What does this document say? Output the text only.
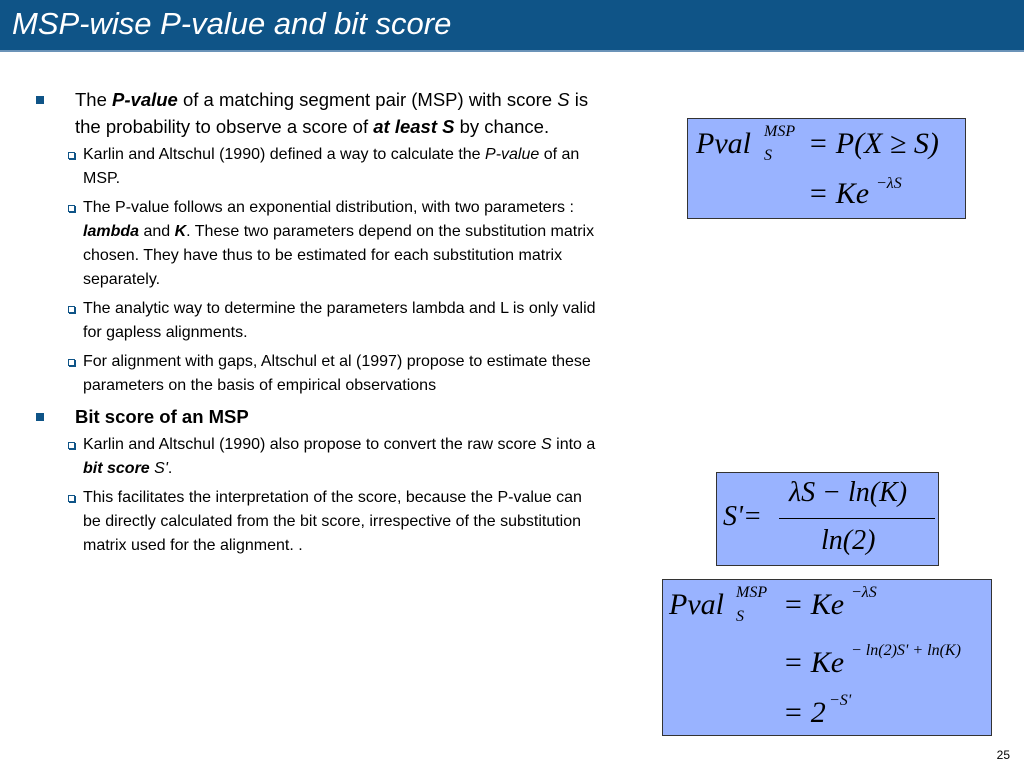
MSP-wise P-value and bit score
The P-value of a matching segment pair (MSP) with score S is the probability to observe a score of at least S by chance.
Karlin and Altschul (1990) defined a way to calculate the P-value of an MSP.
The P-value follows an exponential distribution, with two parameters : lambda and K. These two parameters depend on the substitution matrix chosen. They have thus to be estimated for each substitution matrix separately.
The analytic way to determine the parameters lambda and L is only valid for gapless alignments.
For alignment with gaps, Altschul et al (1997) propose to estimate these parameters on the basis of empirical observations
Bit score of an MSP
Karlin and Altschul (1990) also propose to convert the raw score S into a bit score S'.
This facilitates the interpretation of the score, because the P-value can be directly calculated from the bit score, irrespective of the substitution matrix used for the alignment. .
Pval MSP
S = P(X ≥ S)
= Ke −λS
S'=
λS − ln(K)
ln(2)
Pval MSP
S = Ke −λS
= Ke − ln(2)S' + ln(K)
= 2 −S'
25
